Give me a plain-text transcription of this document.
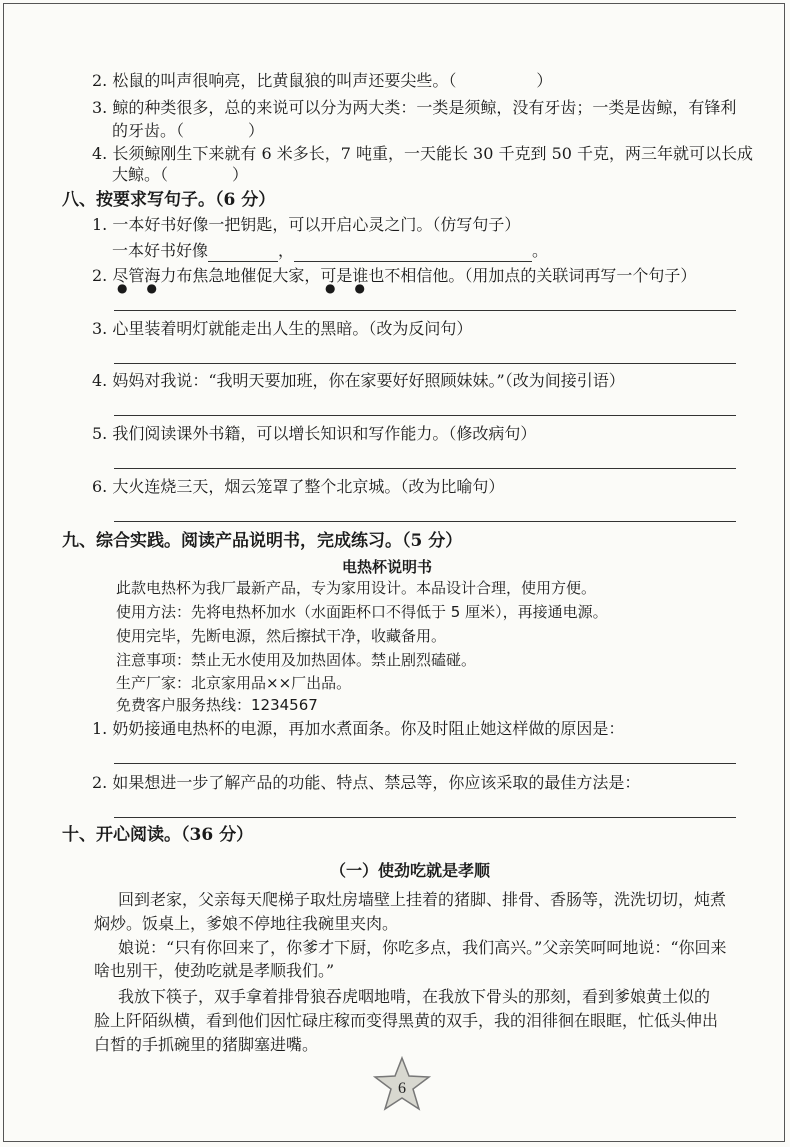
2. 松鼠的叫声很响亮，比黄鼠狼的叫声还要尖些。（　　　　　）
3. 鲸的种类很多，总的来说可以分为两大类：一类是须鲸，没有牙齿；一类是齿鲸，有锋利
的牙齿。（　　　　）
4. 长须鲸刚生下来就有 6 米多长，7 吨重，一天能长 30 千克到 50 千克，两三年就可以长成
大鲸。（　　　　）
八、按要求写句子。（6 分）
1. 一本好书好像一把钥匙，可以开启心灵之门。（仿写句子）
一本好书好像	，	。
2. 尽管海力布焦急地催促大家，可是谁也不相信他。（用加点的关联词再写一个句子）
●     ●	●     ●
3. 心里装着明灯就能走出人生的黑暗。（改为反问句）
4. 妈妈对我说：“我明天要加班，你在家要好好照顾妹妹。”（改为间接引语）
5. 我们阅读课外书籍，可以增长知识和写作能力。（修改病句）
6. 大火连烧三天，烟云笼罩了整个北京城。（改为比喻句）
九、综合实践。阅读产品说明书，完成练习。（5 分）
电热杯说明书
此款电热杯为我厂最新产品，专为家用设计。本品设计合理，使用方便。
使用方法：先将电热杯加水（水面距杯口不得低于 5 厘米），再接通电源。
使用完毕，先断电源，然后擦拭干净，收藏备用。
注意事项：禁止无水使用及加热固体。禁止剧烈磕碰。
生产厂家：北京家用品××厂出品。
免费客户服务热线：1234567
1. 奶奶接通电热杯的电源，再加水煮面条。你及时阻止她这样做的原因是：
2. 如果想进一步了解产品的功能、特点、禁忌等，你应该采取的最佳方法是：
十、开心阅读。（36 分）
（一）使劲吃就是孝顺
回到老家，父亲每天爬梯子取灶房墙壁上挂着的猪脚、排骨、香肠等，洗洗切切，炖煮
焖炒。饭桌上，爹娘不停地往我碗里夹肉。
娘说：“只有你回来了，你爹才下厨，你吃多点，我们高兴。”父亲笑呵呵地说：“你回来
啥也别干，使劲吃就是孝顺我们。”
我放下筷子，双手拿着排骨狼吞虎咽地啃，在我放下骨头的那刻，看到爹娘黄土似的
脸上阡陌纵横，看到他们因忙碌庄稼而变得黑黄的双手，我的泪徘徊在眼眶，忙低头伸出
白皙的手抓碗里的猪脚塞进嘴。
6
